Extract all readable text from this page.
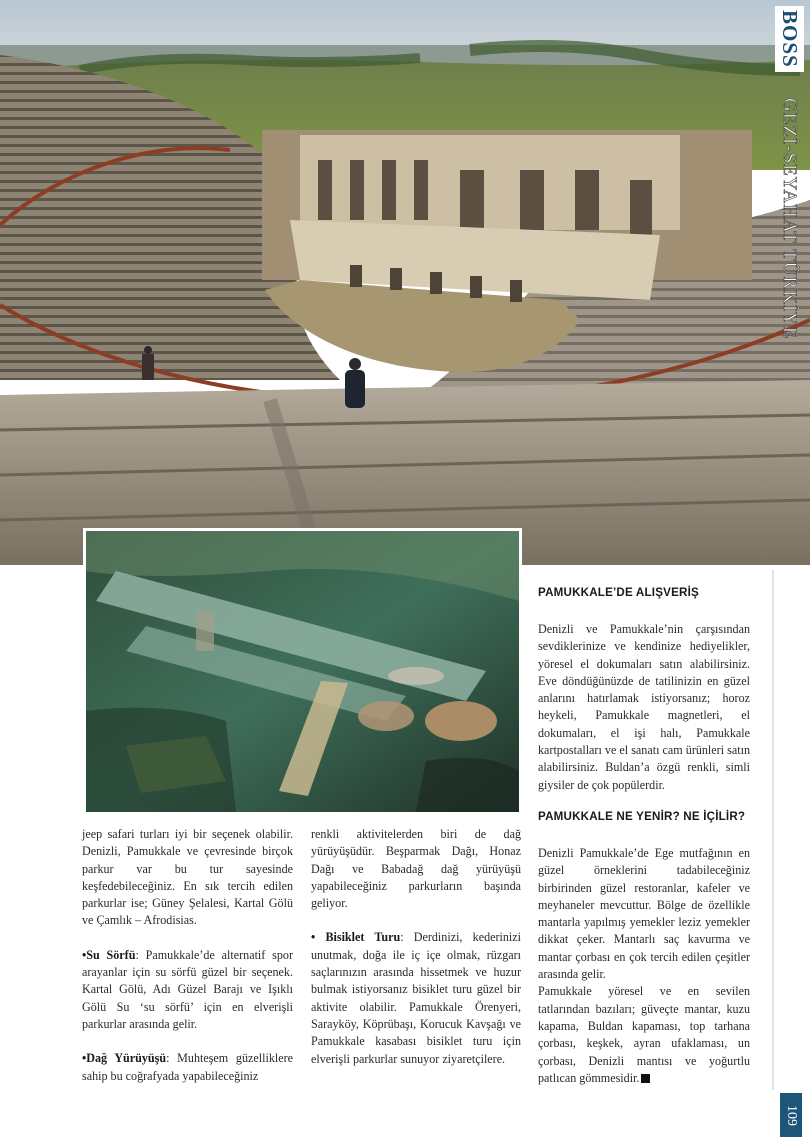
BOSS
GEZİ-SEYAHAT TÜRKİYE

jeep safari turları iyi bir seçenek olabilir. Denizli, Pamukkale ve çevresinde birçok parkur var bu tur sayesinde keşfedebileceğiniz. En sık tercih edilen parkurlar ise; Güney Şelalesi, Kartal Gölü ve Çamlık – Afrodisias.

•Su Sörfü: Pamukkale’de alternatif spor arayanlar için su sörfü güzel bir seçenek. Kartal Gölü, Adı Güzel Barajı ve Işıklı Gölü Su ‘su sörfü’ için en elverişli parkurlar arasında gelir.

•Dağ Yürüyüşü: Muhteşem güzelliklere sahip bu coğrafyada yapabileceğiniz

renkli aktivitelerden biri de dağ yürüyüşüdür. Beşparmak Dağı, Honaz Dağı ve Babadağ dağ yürüyüşü yapabileceğiniz parkurların başında geliyor.

• Bisiklet Turu: Derdinizi, kederinizi unutmak, doğa ile iç içe olmak, rüzgarı saçlarınızın arasında hissetmek ve huzur bulmak istiyorsanız bisiklet turu güzel bir aktivite olabilir. Pamukkale Örenyeri, Sarayköy, Köprübaşı, Korucuk Kavşağı ve Pamukkale kasabası bisiklet turu için elverişli parkurlar sunuyor ziyaretçilere.

PAMUKKALE’DE ALIŞVERİŞ

Denizli ve Pamukkale’nin çarşısından sevdiklerinize ve kendinize hediyelikler, yöresel el dokumaları satın alabilirsiniz. Eve döndüğünüzde de tatilinizin en güzel anlarını hatırlamak istiyorsanız; horoz heykeli, Pamukkale magnetleri, el dokumaları, el işi halı, Pamukkale kartpostalları ve el sanatı cam ürünleri satın alabilirsiniz. Buldan’a özgü renkli, simli giysiler de çok popülerdir.

PAMUKKALE NE YENİR? NE İÇİLİR?

Denizli Pamukkale’de Ege mutfağının en güzel örneklerini tadabileceğiniz birbirinden güzel restoranlar, kafeler ve meyhaneler mevcuttur. Bölge de özellikle mantarla yapılmış yemekler leziz yemekler dikkat çeker. Mantarlı saç kavurma ve mantar çorbası en çok tercih edilen çeşitler arasında gelir.

Pamukkale yöresel ve en sevilen tatlarından bazıları; güveçte mantar, kuzu kapama, Buldan kapaması, top tarhana çorbası, keşkek, ayran ufaklaması, un çorbası, Denizli mantısı ve yoğurtlu patlıcan gömmesidir.

109
